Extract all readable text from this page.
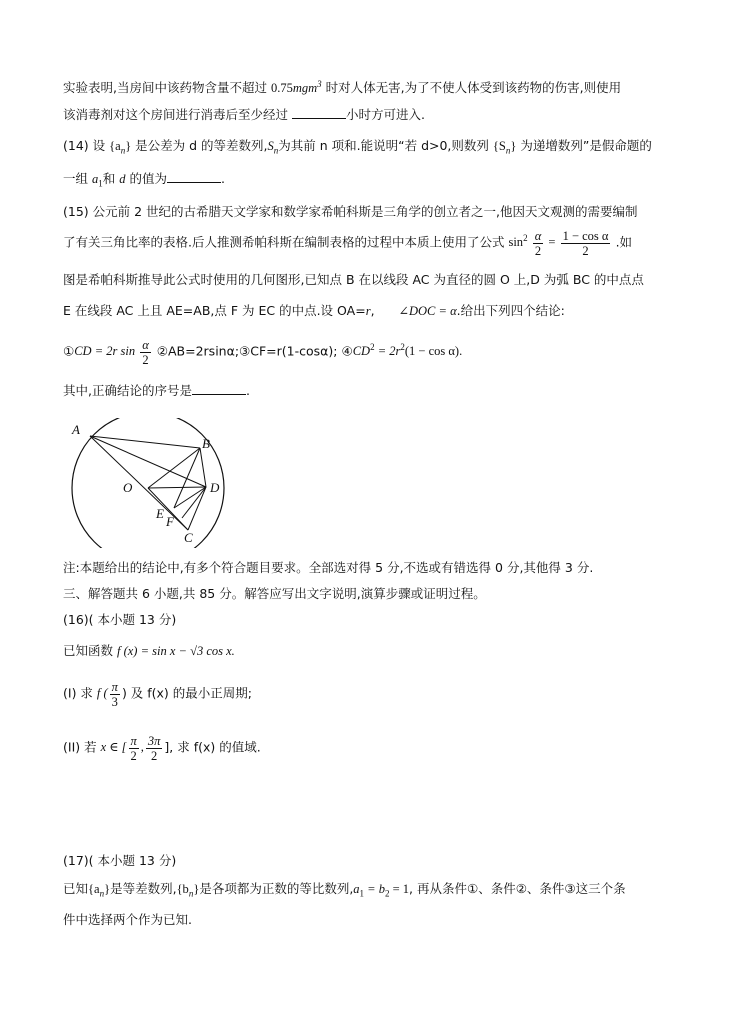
实验表明,当房间中该药物含量不超过 0.75mgm$^3$ 时对人体无害,为了不使人体受到该药物的伤害,则使用
该消毒剂对这个房间进行消毒后至少经过	小时方可进入.
(14) 设 $\{a_n\}$ 是公差为 d 的等差数列$,S_n$为其前 n 项和.能说明“若 d>0,则数列 $\{S_n\}$ 为递增数列”是假命题的
一组 $a_1$和 d 的值为	.
(15) 公元前 2 世纪的古希腊天文学家和数学家希帕科斯是三角学的创立者之一,他因天文观测的需要编制
了有关三角比率的表格.后人推测希帕科斯在编制表格的过程中本质上使用了公式 $\sin^2 \frac{\alpha}{2} = \frac{\text{1 − cos α}}{2}$ .如
图是希帕科斯推导此公式时使用的几何图形,已知点 B 在以线段 AC 为直径的圆 O 上,D 为弧 BC 的中点点
E 在线段 AC 上且 AE=AB,点 F 为 EC 的中点.设 OA=r, ∠DOC = α.给出下列四个结论:
①CD = 2r $\sin \frac{\alpha}{2}$ ②AB=2rsinα;③CF=r(1-cosα); $④CD^2 = 2r^2(1 - \cos \alpha)$.
其中,正确结论的序号是	.
A
B
O	D
E
F
C
注:本题给出的结论中,有多个符合题目要求。全部选对得 5 分,不选或有错选得 0 分,其他得 3 分.
三、解答题共 6 小题,共 85 分。解答应写出文字说明,演算步骤或证明过程。
(16)( 本小题 13 分)
已知函数 f (x) = sin x − √3 cos x.
(I) 求 f ( $\frac{\pi}{3}$ ) 及 f(x) 的最小正周期;
(II) 若 x ∈ [ $\frac{\pi}{2}$ , $\frac{3\pi}{2}$ ], 求 f(x) 的值域.
(17)( 本小题 13 分)
已知$\{a_n\}$是等差数列$,\{b_n\}$是各项都为正数的等比数列$,a_1 = b_2 = 1$, 再从条件①、条件②、条件③这三个条
件中选择两个作为已知.
